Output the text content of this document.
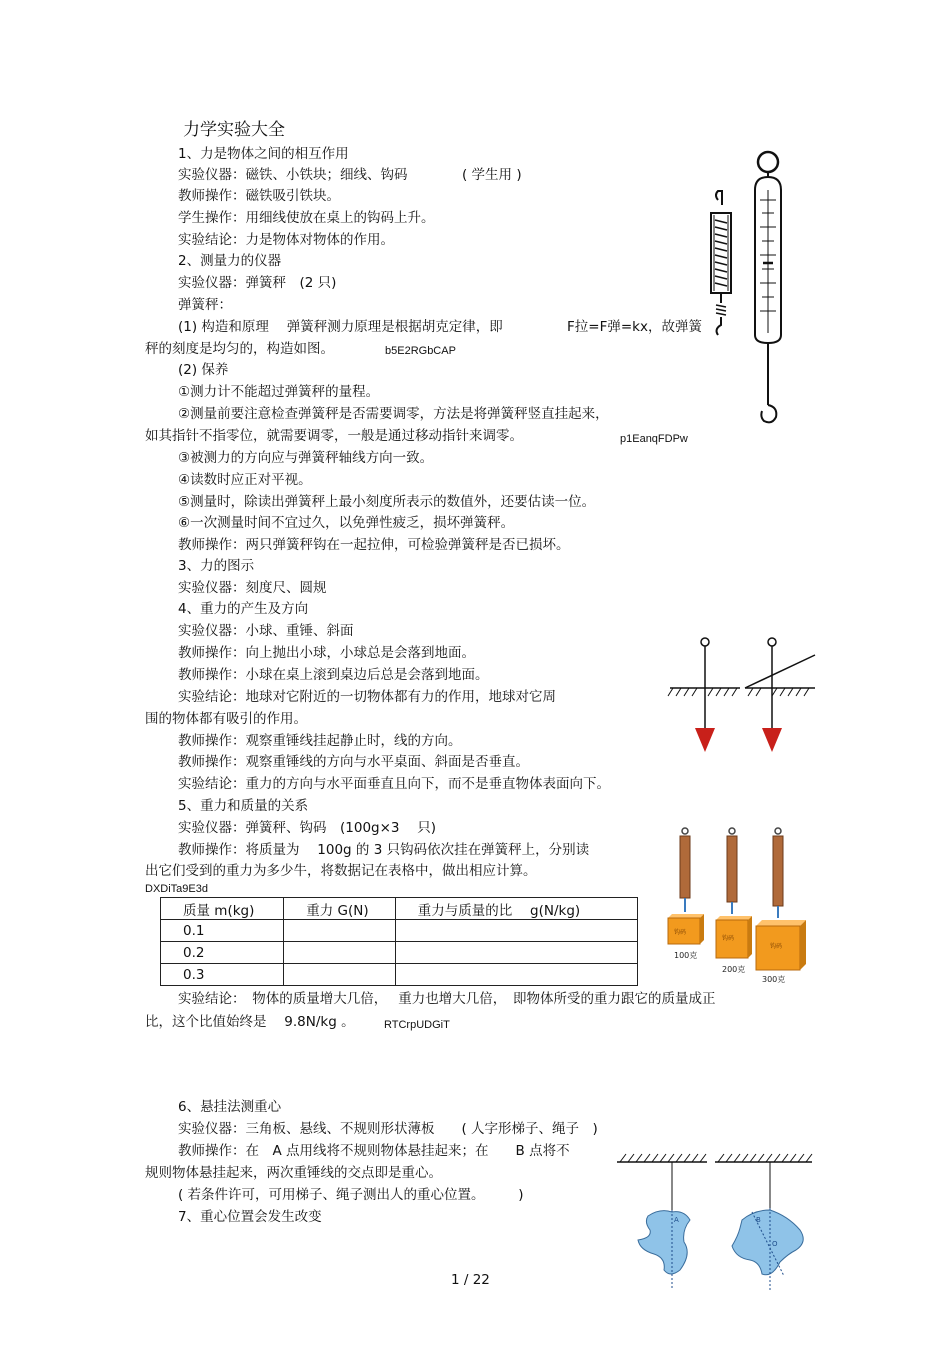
力学实验大全
1、力是物体之间的相互作用
实验仪器：磁铁、小铁块；细线、钩码	( 学生用 )
教师操作：磁铁吸引铁块。
学生操作：用细线使放在桌上的钩码上升。
实验结论：力是物体对物体的作用。
2、测量力的仪器
实验仪器：弹簧秤　(2 只)
弹簧秤：
(1) 构造和原理　 弹簧秤测力原理是根据胡克定律，即	F拉=F弹=kx，故弹簧
秤的刻度是均匀的，构造如图。	b5E2RGbCAP
(2) 保养
①测力计不能超过弹簧秤的量程。
②测量前要注意检查弹簧秤是否需要调零，方法是将弹簧秤竖直挂起来，
如其指针不指零位，就需要调零，一般是通过移动指针来调零。	p1EanqFDPw
③被测力的方向应与弹簧秤轴线方向一致。
④读数时应正对平视。
⑤测量时，除读出弹簧秤上最小刻度所表示的数值外，还要估读一位。
⑥一次测量时间不宜过久，以免弹性疲乏，损坏弹簧秤。
教师操作：两只弹簧秤钩在一起拉伸，可检验弹簧秤是否已损坏。
3、力的图示
实验仪器：刻度尺、圆规
4、重力的产生及方向
实验仪器：小球、重锤、斜面
教师操作：向上抛出小球，小球总是会落到地面。
教师操作：小球在桌上滚到桌边后总是会落到地面。
实验结论：地球对它附近的一切物体都有力的作用，地球对它周
围的物体都有吸引的作用。
教师操作：观察重锤线挂起静止时，线的方向。
教师操作：观察重锤线的方向与水平桌面、斜面是否垂直。
实验结论：重力的方向与水平面垂直且向下，而不是垂直物体表面向下。
5、重力和质量的关系
实验仪器：弹簧秤、钩码　(100g×3　 只)
教师操作：将质量为　 100g 的 3 只钩码依次挂在弹簧秤上，分别读
出它们受到的重力为多少牛，将数据记在表格中，做出相应计算。
DXDiTa9E3d
质量 m(kg)	重力 G(N)	重力与质量的比　 g(N/kg)
0.1		
0.2		
0.3		
实验结论：　物体的质量增大几倍，　 重力也增大几倍，　即物体所受的重力跟它的质量成正
比，这个比值始终是　 9.8N/kg 。	RTCrpUDGiT
6、悬挂法测重心
实验仪器：三角板、悬线、不规则形状薄板　　( 人字形梯子、绳子　)
教师操作：在　A 点用线将不规则物体悬挂起来；在　　B 点将不
规则物体悬挂起来，两次重锤线的交点即是重心。
( 若条件许可，可用梯子、绳子测出人的重心位置。　　　)
7、重心位置会发生改变
1 / 22
钩码
100克
钩码
200克
钩码
300克
A	B
O
